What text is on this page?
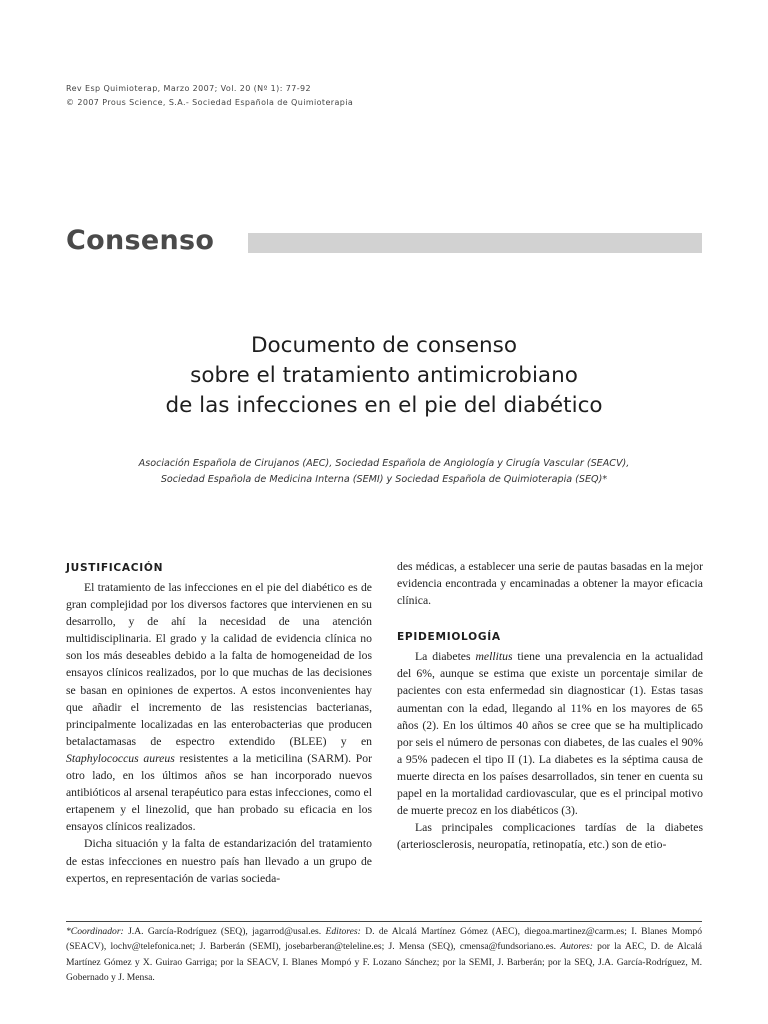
Rev Esp Quimioterap, Marzo 2007; Vol. 20 (Nº 1): 77-92
© 2007 Prous Science, S.A.- Sociedad Española de Quimioterapia
Consenso
Documento de consenso
sobre el tratamiento antimicrobiano
de las infecciones en el pie del diabético
Asociación Española de Cirujanos (AEC), Sociedad Española de Angiología y Cirugía Vascular (SEACV),
Sociedad Española de Medicina Interna (SEMI) y Sociedad Española de Quimioterapia (SEQ)*
JUSTIFICACIÓN

El tratamiento de las infecciones en el pie del diabético es de gran complejidad por los diversos factores que intervienen en su desarrollo, y de ahí la necesidad de una atención multidisciplinaria. El grado y la calidad de evidencia clínica no son los más deseables debido a la falta de homogeneidad de los ensayos clínicos realizados, por lo que muchas de las decisiones se basan en opiniones de expertos. A estos inconvenientes hay que añadir el incremento de las resistencias bacterianas, principalmente localizadas en las enterobacterias que producen betalactamasas de espectro extendido (BLEE) y en Staphylococcus aureus resistentes a la meticilina (SARM). Por otro lado, en los últimos años se han incorporado nuevos antibióticos al arsenal terapéutico para estas infecciones, como el ertapenem y el linezolid, que han probado su eficacia en los ensayos clínicos realizados.

Dicha situación y la falta de estandarización del tratamiento de estas infecciones en nuestro país han llevado a un grupo de expertos, en representación de varias socieda-

des médicas, a establecer una serie de pautas basadas en la mejor evidencia encontrada y encaminadas a obtener la mayor eficacia clínica.

EPIDEMIOLOGÍA

La diabetes mellitus tiene una prevalencia en la actualidad del 6%, aunque se estima que existe un porcentaje similar de pacientes con esta enfermedad sin diagnosticar (1). Estas tasas aumentan con la edad, llegando al 11% en los mayores de 65 años (2). En los últimos 40 años se cree que se ha multiplicado por seis el número de personas con diabetes, de las cuales el 90% a 95% padecen el tipo II (1). La diabetes es la séptima causa de muerte directa en los países desarrollados, sin tener en cuenta su papel en la mortalidad cardiovascular, que es el principal motivo de muerte precoz en los diabéticos (3).

Las principales complicaciones tardías de la diabetes (arteriosclerosis, neuropatía, retinopatía, etc.) son de etio-

*Coordinador: J.A. García-Rodríguez (SEQ), jagarrod@usal.es. Editores: D. de Alcalá Martínez Gómez (AEC), diegoa.martinez@carm.es; I. Blanes Mompó (SEACV), lochv@telefonica.net; J. Barberán (SEMI), josebarberan@teleline.es; J. Mensa (SEQ), cmensa@fundsoriano.es. Autores: por la AEC, D. de Alcalá Martínez Gómez y X. Guirao Garriga; por la SEACV, I. Blanes Mompó y F. Lozano Sánchez; por la SEMI, J. Barberán; por la SEQ, J.A. García-Rodríguez, M. Gobernado y J. Mensa.
